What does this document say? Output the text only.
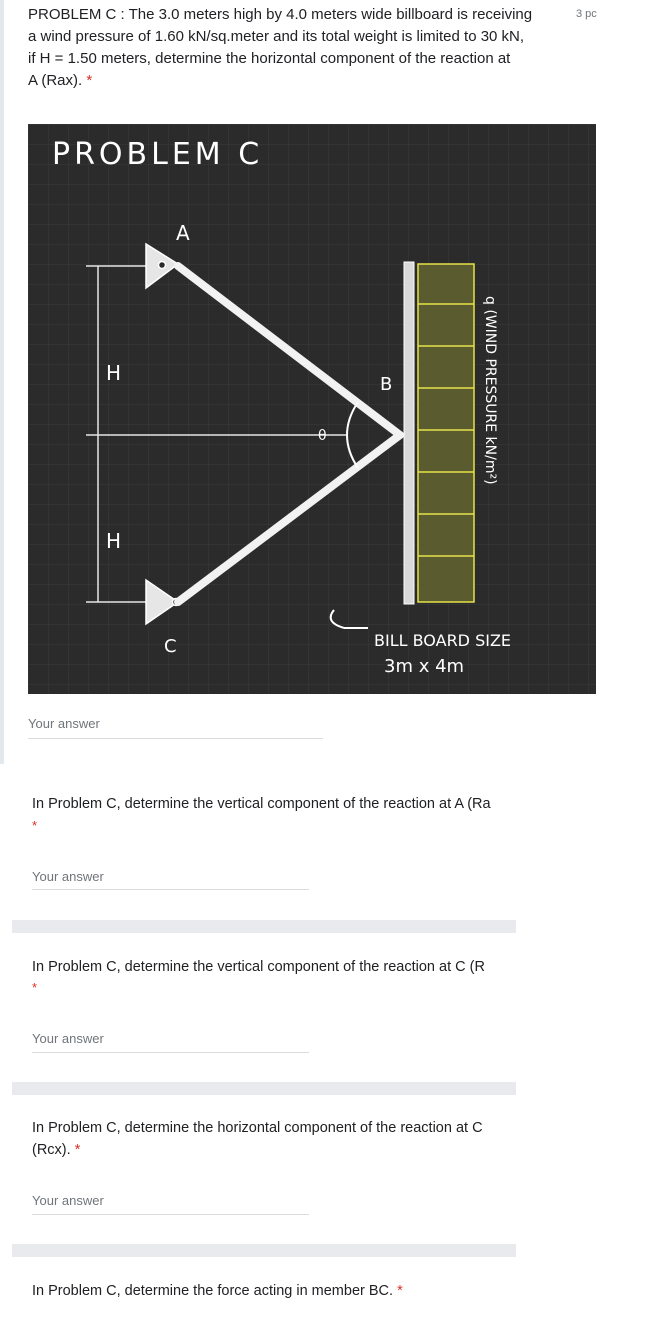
PROBLEM C : The 3.0 meters high by 4.0 meters wide billboard is receiving
a wind pressure of 1.60 kN/sq.meter and its total weight is limited to 30 kN,
if H = 1.50 meters, determine the horizontal component of the reaction at
A (Rax). *
3 pc
PROBLEM C
H
H
A
B
C
θ	q (WIND PRESSURE kN/m²)
BILL BOARD SIZE
3m x 4m
Your answer
In Problem C, determine the vertical component of the reaction at A (Ra
*
Your answer
In Problem C, determine the vertical component of the reaction at C (R
*
Your answer
In Problem C, determine the horizontal component of the reaction at C
(Rcx). *
Your answer
In Problem C, determine the force acting in member BC. *
